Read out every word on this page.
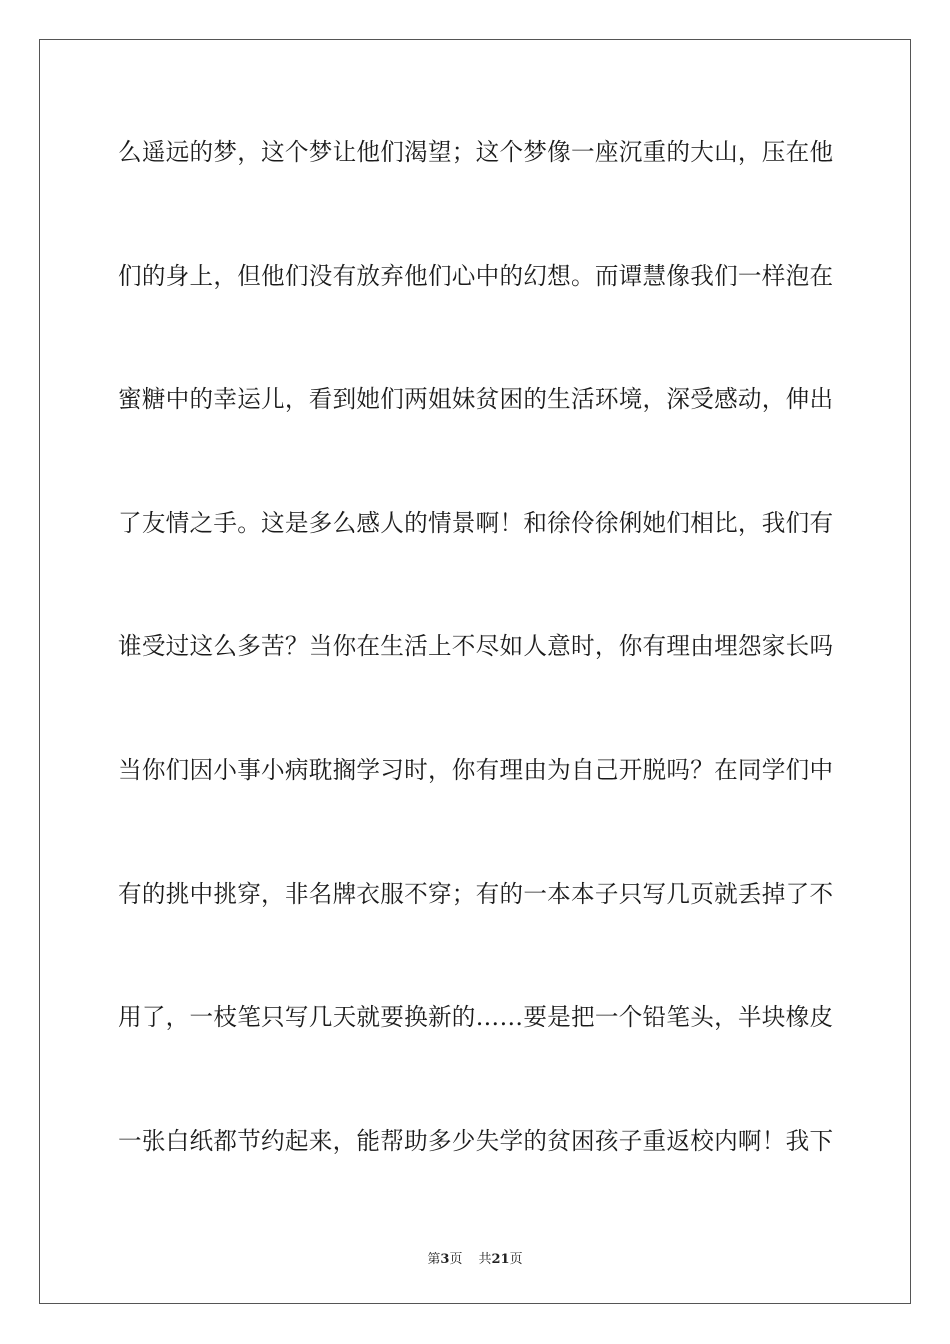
么遥远的梦，这个梦让他们渴望；这个梦像一座沉重的大山，压在他
们的身上，但他们没有放弃他们心中的幻想。而谭慧像我们一样泡在
蜜糖中的幸运儿，看到她们两姐妹贫困的生活环境，深受感动，伸出
了友情之手。这是多么感人的情景啊！和徐伶徐俐她们相比，我们有
谁受过这么多苦？当你在生活上不尽如人意时，你有理由埋怨家长吗
当你们因小事小病耽搁学习时，你有理由为自己开脱吗？在同学们中
有的挑中挑穿，非名牌衣服不穿；有的一本本子只写几页就丢掉了不
用了，一枝笔只写几天就要换新的……要是把一个铅笔头，半块橡皮
一张白纸都节约起来，能帮助多少失学的贫困孩子重返校内啊！我下
第3页 共21页
